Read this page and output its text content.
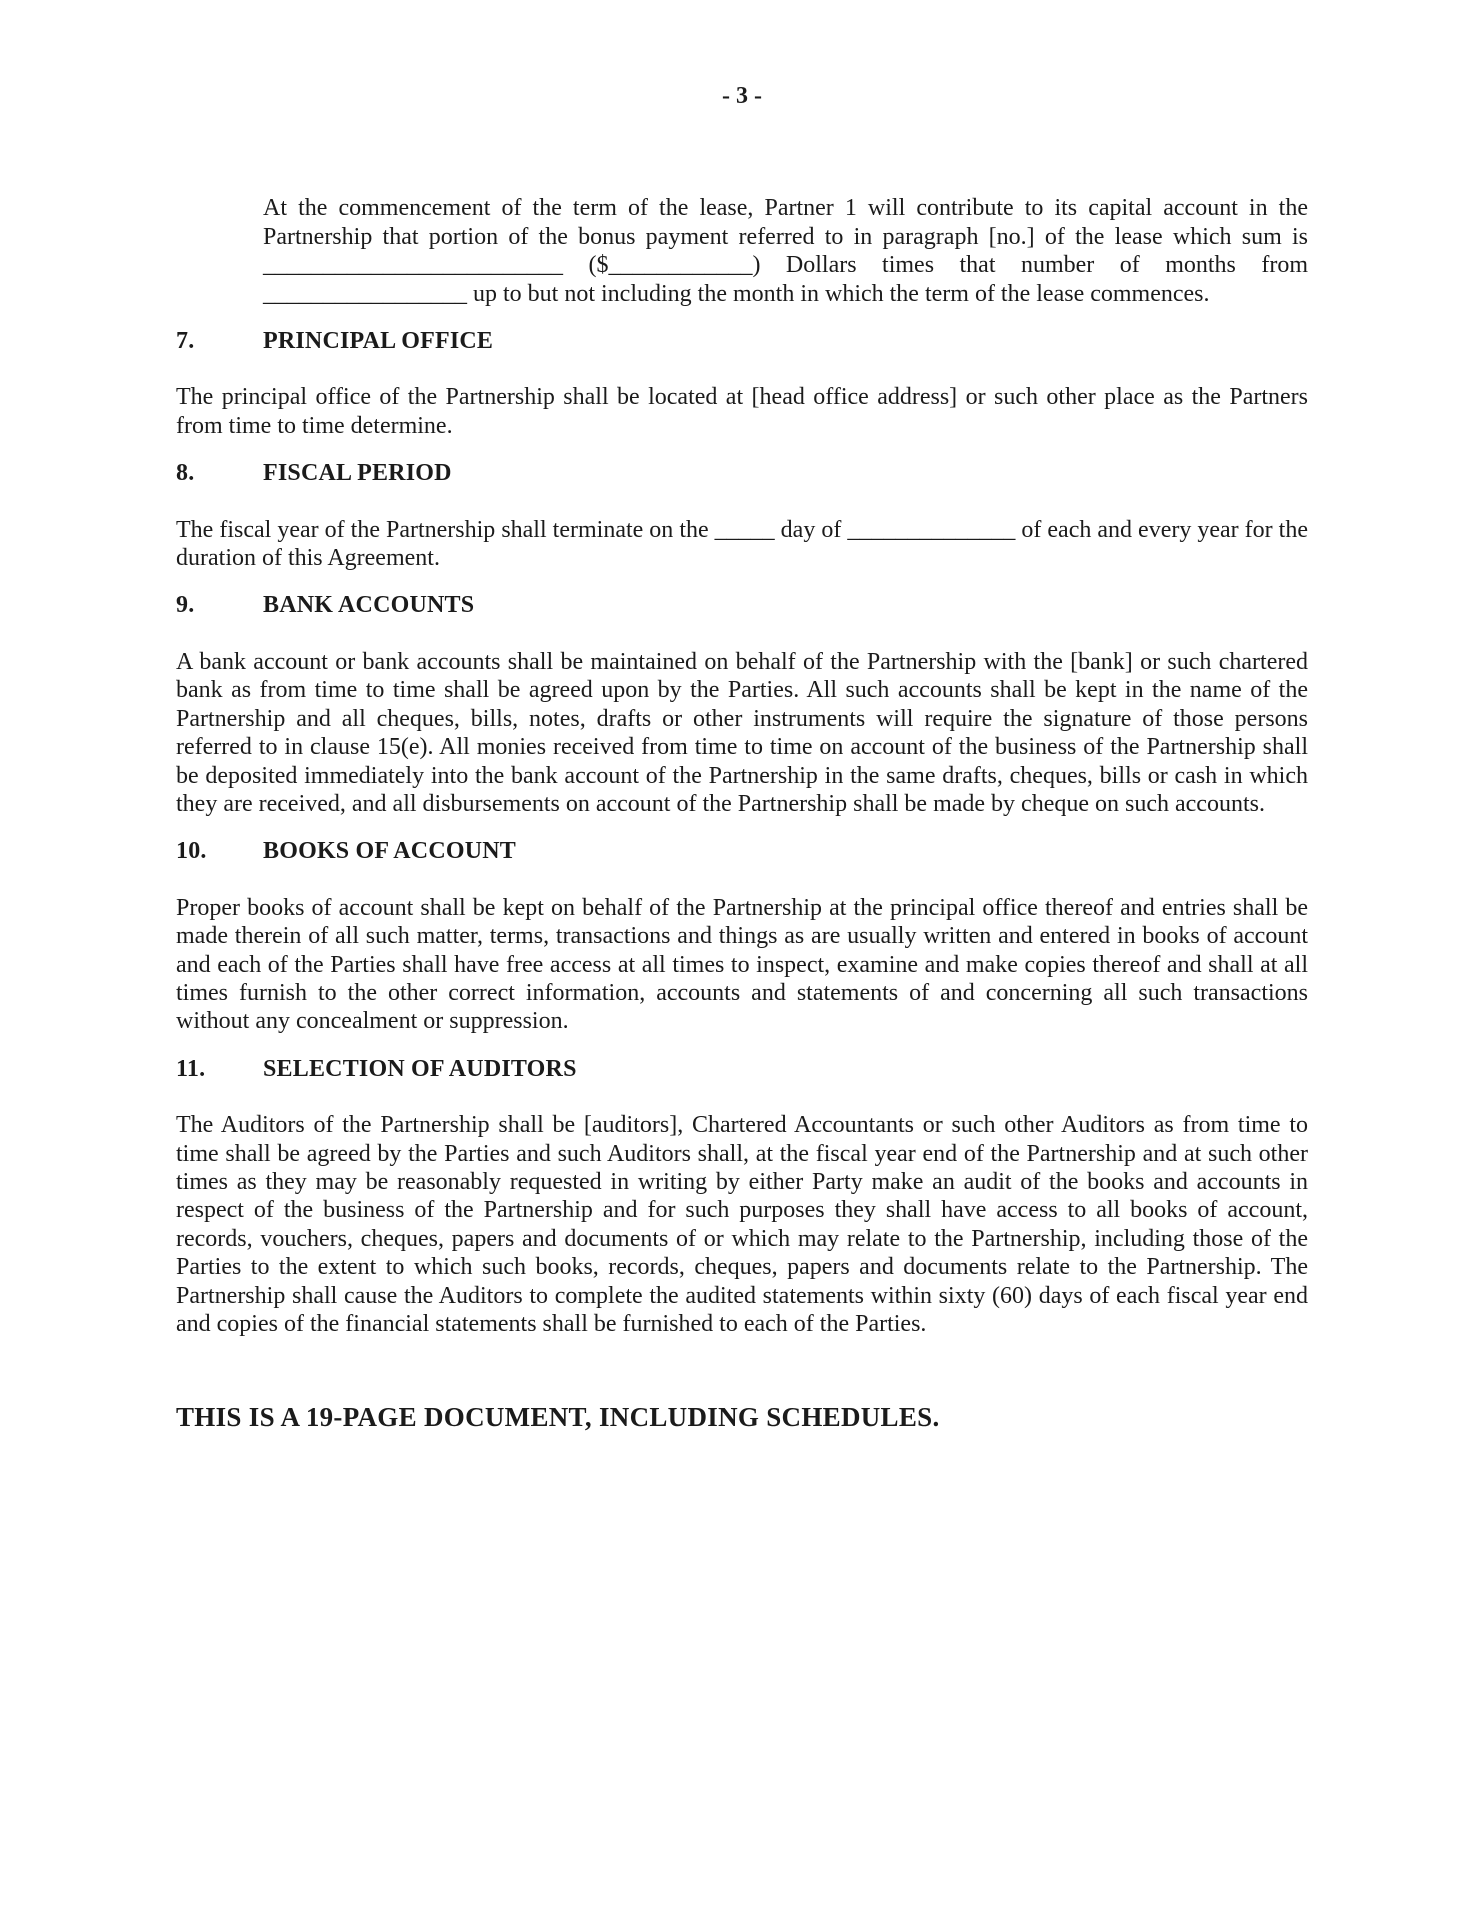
- 3 -

At the commencement of the term of the lease, Partner 1 will contribute to its capital account in the Partnership that portion of the bonus payment referred to in paragraph [no.] of the lease which sum is _________________________ ($____________) Dollars times that number of months from _________________ up to but not including the month in which the term of the lease commences.

7.	PRINCIPAL OFFICE

The principal office of the Partnership shall be located at [head office address] or such other place as the Partners from time to time determine.

8.	FISCAL PERIOD

The fiscal year of the Partnership shall terminate on the _____ day of ______________ of each and every year for the duration of this Agreement.

9.	BANK ACCOUNTS

A bank account or bank accounts shall be maintained on behalf of the Partnership with the [bank] or such chartered bank as from time to time shall be agreed upon by the Parties. All such accounts shall be kept in the name of the Partnership and all cheques, bills, notes, drafts or other instruments will require the signature of those persons referred to in clause 15(e). All monies received from time to time on account of the business of the Partnership shall be deposited immediately into the bank account of the Partnership in the same drafts, cheques, bills or cash in which they are received, and all disbursements on account of the Partnership shall be made by cheque on such accounts.

10.	BOOKS OF ACCOUNT

Proper books of account shall be kept on behalf of the Partnership at the principal office thereof and entries shall be made therein of all such matter, terms, transactions and things as are usually written and entered in books of account and each of the Parties shall have free access at all times to inspect, examine and make copies thereof and shall at all times furnish to the other correct information, accounts and statements of and concerning all such transactions without any concealment or suppression.

11.	SELECTION OF AUDITORS

The Auditors of the Partnership shall be [auditors], Chartered Accountants or such other Auditors as from time to time shall be agreed by the Parties and such Auditors shall, at the fiscal year end of the Partnership and at such other times as they may be reasonably requested in writing by either Party make an audit of the books and accounts in respect of the business of the Partnership and for such purposes they shall have access to all books of account, records, vouchers, cheques, papers and documents of or which may relate to the Partnership, including those of the Parties to the extent to which such books, records, cheques, papers and documents relate to the Partnership. The Partnership shall cause the Auditors to complete the audited statements within sixty (60) days of each fiscal year end and copies of the financial statements shall be furnished to each of the Parties.

THIS IS A 19-PAGE DOCUMENT, INCLUDING SCHEDULES.
